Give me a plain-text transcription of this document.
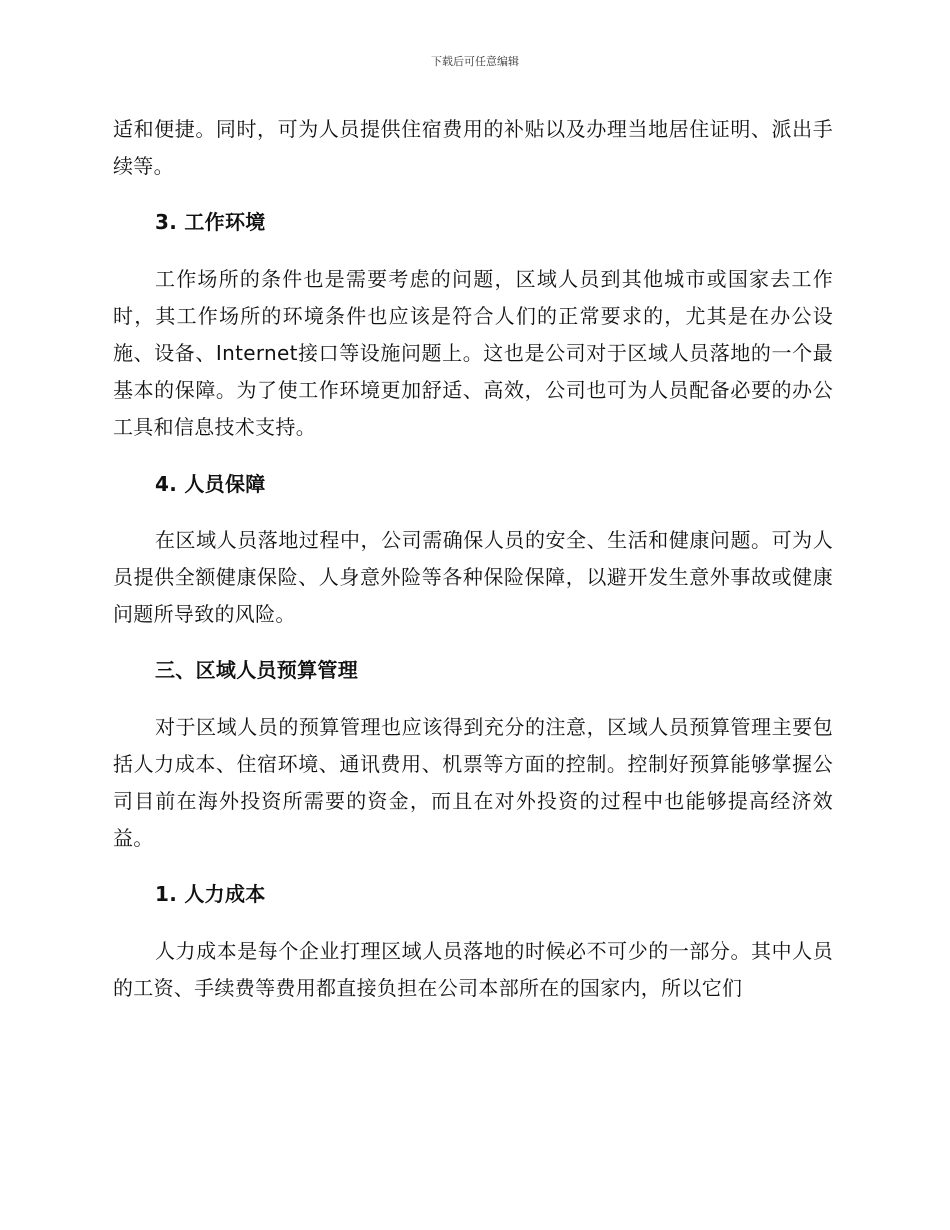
下载后可任意编辑

适和便捷。同时，可为人员提供住宿费用的补贴以及办理当地居住证明、派出手续等。

3. 工作环境

工作场所的条件也是需要考虑的问题，区域人员到其他城市或国家去工作时，其工作场所的环境条件也应该是符合人们的正常要求的，尤其是在办公设施、设备、Internet接口等设施问题上。这也是公司对于区域人员落地的一个最基本的保障。为了使工作环境更加舒适、高效，公司也可为人员配备必要的办公工具和信息技术支持。

4. 人员保障

在区域人员落地过程中，公司需确保人员的安全、生活和健康问题。可为人员提供全额健康保险、人身意外险等各种保险保障，以避开发生意外事故或健康问题所导致的风险。

三、区域人员预算管理

对于区域人员的预算管理也应该得到充分的注意，区域人员预算管理主要包括人力成本、住宿环境、通讯费用、机票等方面的控制。控制好预算能够掌握公司目前在海外投资所需要的资金，而且在对外投资的过程中也能够提高经济效益。

1. 人力成本

人力成本是每个企业打理区域人员落地的时候必不可少的一部分。其中人员的工资、手续费等费用都直接负担在公司本部所在的国家内，所以它们
